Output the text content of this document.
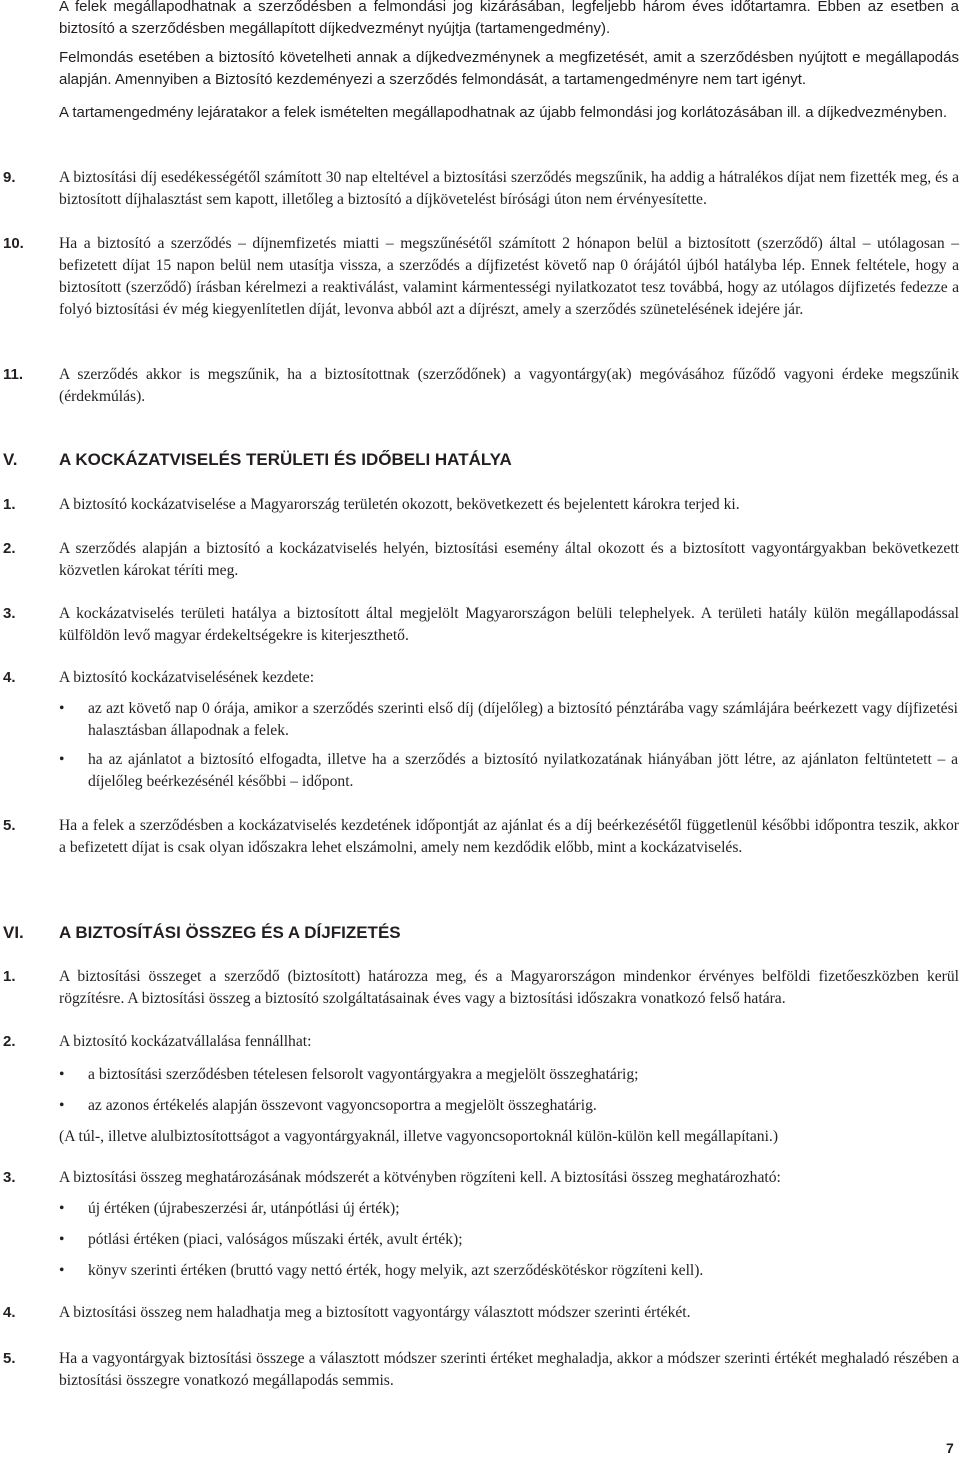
A felek megállapodhatnak a szerződésben a felmondási jog kizárásában, legfeljebb három éves időtartamra. Ebben az esetben a biztosító a szerződésben megállapított díjkedvezményt nyújtja (tartamengedmény).

Felmondás esetében a biztosító követelheti annak a díjkedvezménynek a megfizetését, amit a szerződésben nyújtott e megállapodás alapján. Amennyiben a Biztosító kezdeményezi a szerződés felmondását, a tartamengedményre nem tart igényt.

A tartamengedmény lejáratakor a felek ismételten megállapodhatnak az újabb felmondási jog korlátozásában ill. a díjkedvezményben.

9.	A biztosítási díj esedékességétől számított 30 nap elteltével a biztosítási szerződés megszűnik, ha addig a hátralékos díjat nem fizették meg, és a biztosított díjhalasztást sem kapott, illetőleg a biztosító a díjkövetelést bírósági úton nem érvényesítette.
10. Ha a biztosító a szerződés – díjnemfizetés miatti – megszűnésétől számított 2 hónapon belül a biztosított (szerződő) által – utólagosan – befizetett díjat 15 napon belül nem utasítja vissza, a szerződés a díjfizetést követő nap 0 órájától újból hatályba lép. Ennek feltétele, hogy a biztosított (szerződő) írásban kérelmezi a reaktiválást, valamint kármentességi nyilatkozatot tesz továbbá, hogy az utólagos díjfizetés fedezze a folyó biztosítási év még kiegyenlítetlen díját, levonva abból azt a díjrészt, amely a szerződés szünetelésének idejére jár.
11. A szerződés akkor is megszűnik, ha a biztosítottnak (szerződőnek) a vagyontárgy(ak) megóvásához fűződő vagyoni érdeke megszűnik (érdekmúlás).
V. A KOCKÁZATVISELÉS TERÜLETI ÉS IDŐBELI HATÁLYA
1.	A biztosító kockázatviselése a Magyarország területén okozott, bekövetkezett és bejelentett károkra terjed ki.
2.	A szerződés alapján a biztosító a kockázatviselés helyén, biztosítási esemény által okozott és a biztosított vagyontárgyakban bekövetkezett közvetlen károkat téríti meg.
3.	A kockázatviselés területi hatálya a biztosított által megjelölt Magyarországon belüli telephelyek. A területi hatály külön megállapodással külföldön levő magyar érdekeltségekre is kiterjeszthető.
4.	A biztosító kockázatviselésének kezdete:
• az azt követő nap 0 órája, amikor a szerződés szerinti első díj (díjelőleg) a biztosító pénztárába vagy számlájára beérkezett vagy díjfizetési halasztásban állapodnak a felek.
• ha az ajánlatot a biztosító elfogadta, illetve ha a szerződés a biztosító nyilatkozatának hiányában jött létre, az ajánlaton feltüntetett – a díjelőleg beérkezésénél későbbi – időpont.
5.	Ha a felek a szerződésben a kockázatviselés kezdetének időpontját az ajánlat és a díj beérkezésétől függetlenül későbbi időpontra teszik, akkor a befizetett díjat is csak olyan időszakra lehet elszámolni, amely nem kezdődik előbb, mint a kockázatviselés.
VI. A BIZTOSÍTÁSI ÖSSZEG ÉS A DÍJFIZETÉS
1.	A biztosítási összeget a szerződő (biztosított) határozza meg, és a Magyarországon mindenkor érvényes belföldi fizetőeszközben kerül rögzítésre. A biztosítási összeg a biztosító szolgáltatásainak éves vagy a biztosítási időszakra vonatkozó felső határa.
2.	A biztosító kockázatvállalása fennállhat:
• a biztosítási szerződésben tételesen felsorolt vagyontárgyakra a megjelölt összeghatárig;
• az azonos értékelés alapján összevont vagyoncsoportra a megjelölt összeghatárig.
(A túl-, illetve alulbiztosítottságot a vagyontárgyaknál, illetve vagyoncsoportoknál külön-külön kell megállapítani.)
3.	A biztosítási összeg meghatározásának módszerét a kötvényben rögzíteni kell. A biztosítási összeg meghatározható:
• új értéken (újrabeszerzési ár, utánpótlási új érték);
• pótlási értéken (piaci, valóságos műszaki érték, avult érték);
• könyv szerinti értéken (bruttó vagy nettó érték, hogy melyik, azt szerződéskötéskor rögzíteni kell).
4.	A biztosítási összeg nem haladhatja meg a biztosított vagyontárgy választott módszer szerinti értékét.
5.	Ha a vagyontárgyak biztosítási összege a választott módszer szerinti értéket meghaladja, akkor a módszer szerinti értékét meghaladó részében a biztosítási összegre vonatkozó megállapodás semmis.
7
